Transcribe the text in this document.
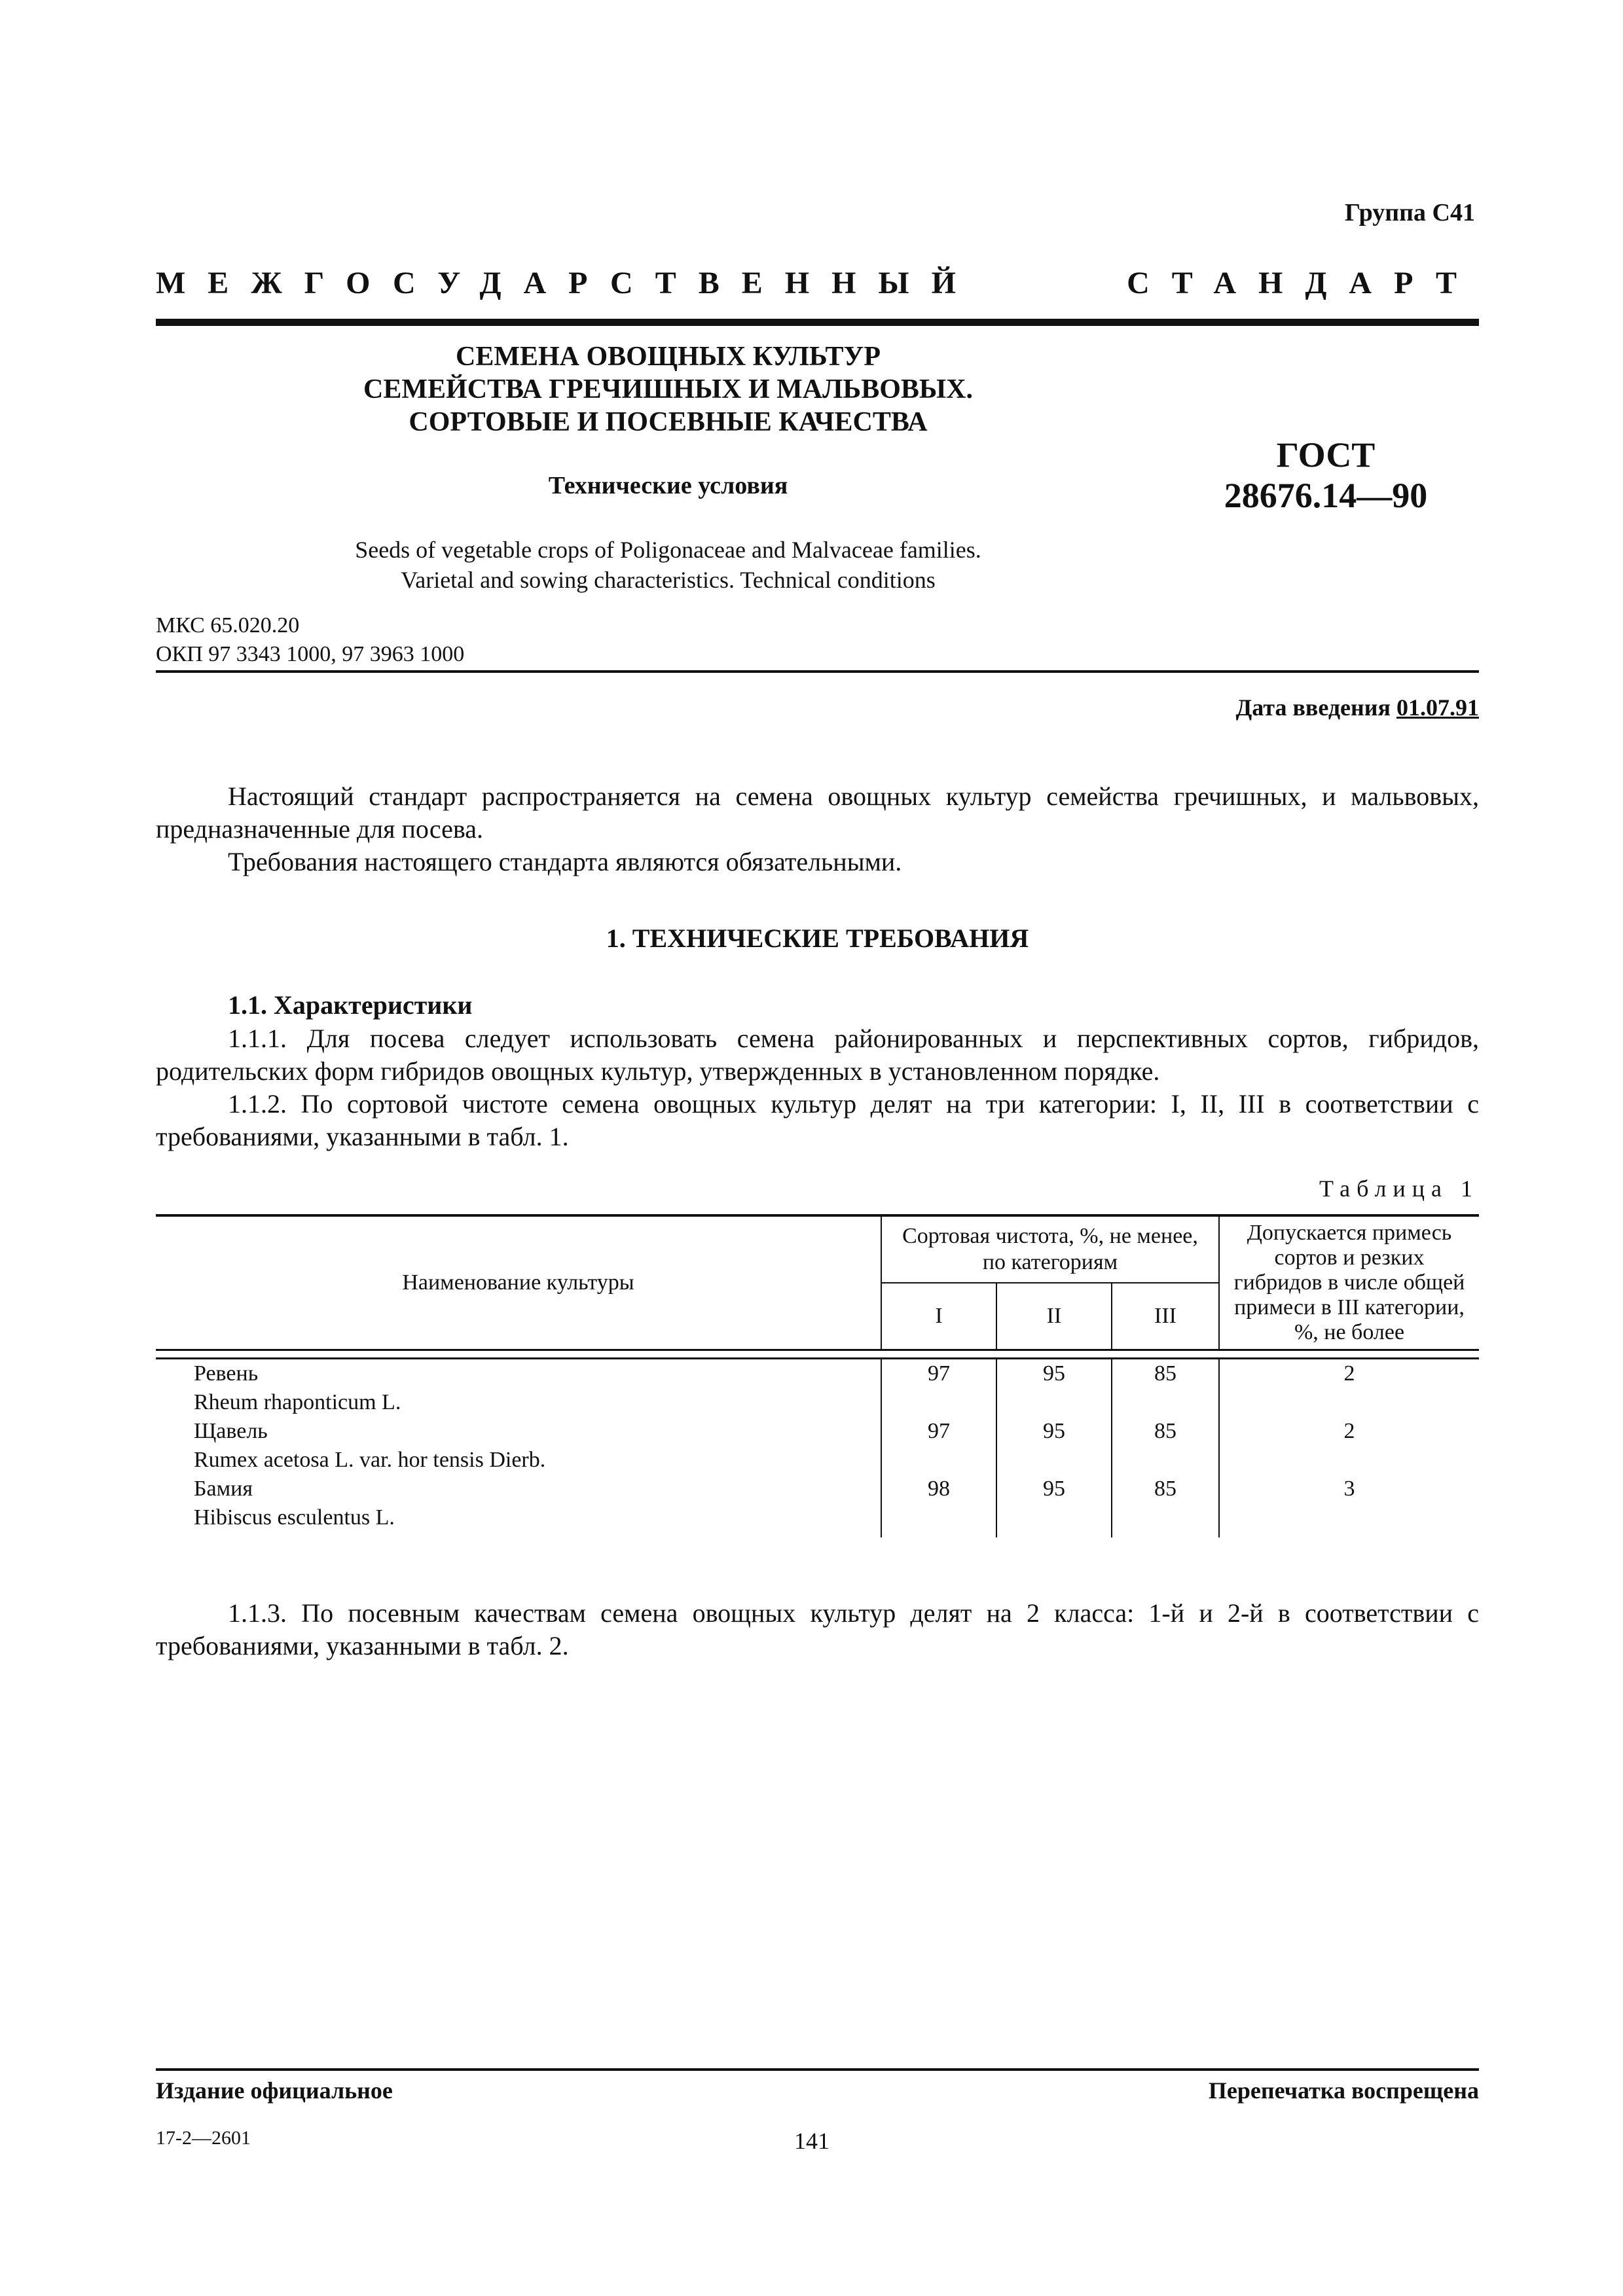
Группа С41
МЕЖГОСУДАРСТВЕННЫЙ	СТАНДАРТ
СЕМЕНА ОВОЩНЫХ КУЛЬТУР
СЕМЕЙСТВА ГРЕЧИШНЫХ И МАЛЬВОВЫХ.
СОРТОВЫЕ И ПОСЕВНЫЕ КАЧЕСТВА
Технические условия
ГОСТ
28676.14—90
Seeds of vegetable crops of Poligonaceae and Malvaceae families.
Varietal and sowing characteristics. Technical conditions
МКС 65.020.20
ОКП 97 3343 1000, 97 3963 1000
Дата введения 01.07.91
Настоящий стандарт распространяется на семена овощных культур семейства гречишных, и мальвовых, предназначенные для посева.
Требования настоящего стандарта являются обязательными.
1. ТЕХНИЧЕСКИЕ ТРЕБОВАНИЯ
1.1. Характеристики
1.1.1. Для посева следует использовать семена районированных и перспективных сортов, гибридов, родительских форм гибридов овощных культур, утвержденных в установленном порядке.
1.1.2. По сортовой чистоте семена овощных культур делят на три категории: I, II, III в соответствии с требованиями, указанными в табл. 1.
Таблица 1
Наименование культуры	Сортовая чистота, %, не менее, по категориям			Допускается примесь сортов и резких гибридов в числе общей примеси в III категории, %, не более
	I	II	III	

Ревень	97	95	85	2
Rheum rhaponticum L.				
Щавель	97	95	85	2
Rumex acetosa L. var. hor tensis Dierb.				
Бамия	98	95	85	3
Hibiscus esculentus L.				

1.1.3. По посевным качествам семена овощных культур делят на 2 класса: 1-й и 2-й в соответствии с требованиями, указанными в табл. 2.
Издание официальное	Перепечатка воспрещена
17-2—2601	141
